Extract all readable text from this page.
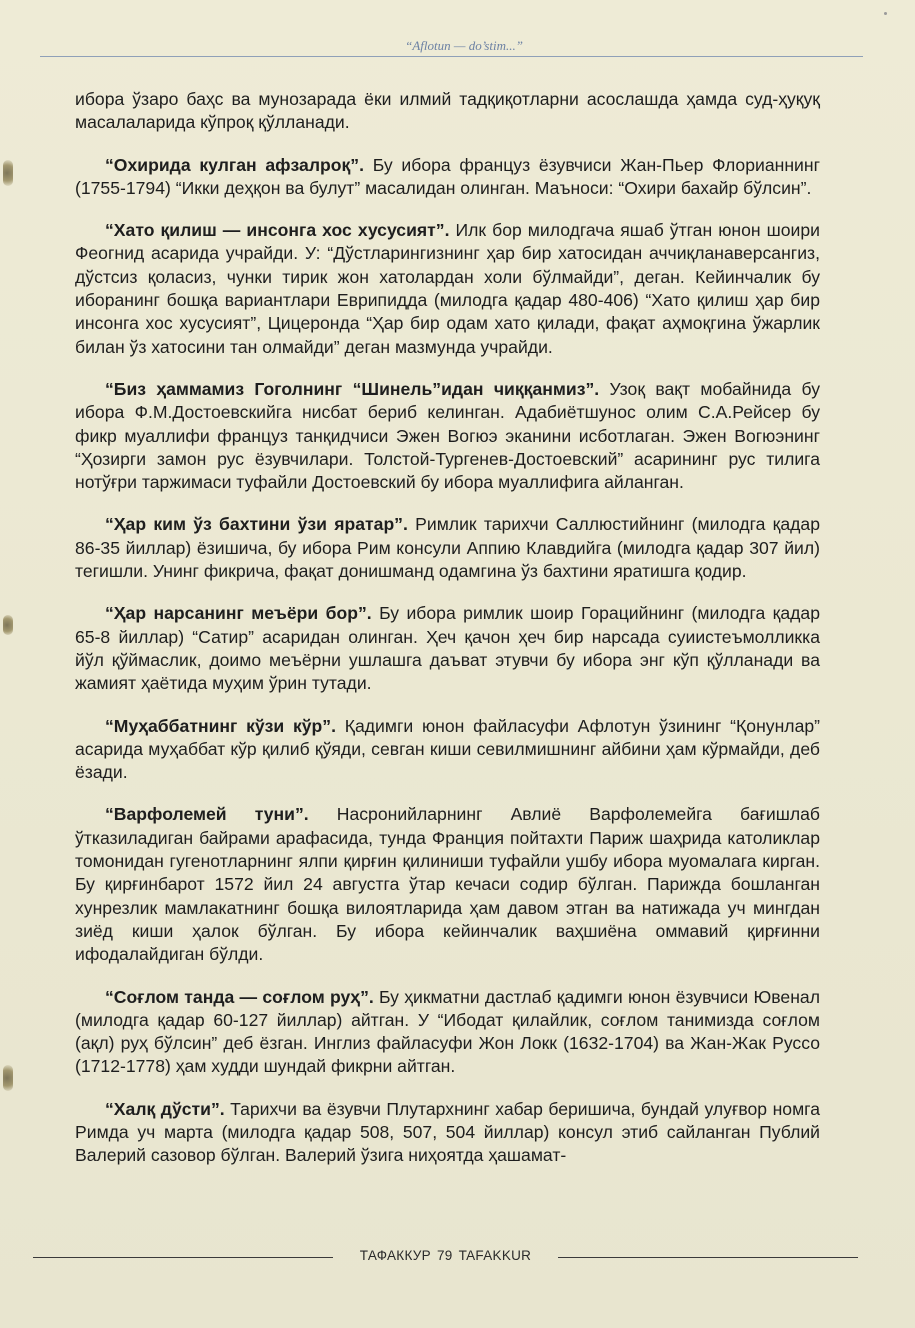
“Aflotun — do’stim...”

ибора ўзаро баҳс ва мунозарада ёки илмий тадқиқотларни асослашда ҳамда суд-ҳуқуқ масалаларида кўпроқ қўлланади.

“Охирида кулган афзалроқ”. Бу ибора француз ёзувчиси Жан-Пьер Флорианнинг (1755-1794) “Икки деҳқон ва булут” масалидан олинган. Маъноси: “Охири бахайр бўлсин”.

“Хато қилиш — инсонга хос хусусият”. Илк бор милодгача яшаб ўтган юнон шоири Феогнид асарида учрайди. У: “Дўстларингизнинг ҳар бир хатосидан аччиқланаверсангиз, дўстсиз қоласиз, чунки тирик жон хатолардан холи бўлмайди”, деган. Кейинчалик бу иборанинг бошқа вариантлари Еврипидда (милодга қадар 480-406) “Хато қилиш ҳар бир инсонга хос хусусият”, Цицеронда “Ҳар бир одам хато қилади, фақат аҳмоқгина ўжарлик билан ўз хатосини тан олмайди” деган мазмунда учрайди.

“Биз ҳаммамиз Гоголнинг “Шинель”идан чиққанмиз”. Узоқ вақт мобайнида бу ибора Ф.М.Достоевскийга нисбат бериб келинган. Адабиётшунос олим С.А.Рейсер бу фикр муаллифи француз танқидчиси Эжен Вогюэ эканини исботлаган. Эжен Вогюэнинг “Ҳозирги замон рус ёзувчилари. Толстой-Тургенев-Достоевский” асарининг рус тилига нотўғри таржимаси туфайли Достоевский бу ибора муаллифига айланган.

“Ҳар ким ўз бахтини ўзи яратар”. Римлик тарихчи Саллюстийнинг (милодга қадар 86-35 йиллар) ёзишича, бу ибора Рим консули Аппию Клавдийга (милодга қадар 307 йил) тегишли. Унинг фикрича, фақат донишманд одамгина ўз бахтини яратишга қодир.

“Ҳар нарсанинг меъёри бор”. Бу ибора римлик шоир Горацийнинг (милодга қадар 65-8 йиллар) “Сатир” асаридан олинган. Ҳеч қачон ҳеч бир нарсада суиистеъмолликка йўл қўймаслик, доимо меъёрни ушлашга даъват этувчи бу ибора энг кўп қўлланади ва жамият ҳаётида муҳим ўрин тутади.

“Муҳаббатнинг кўзи кўр”. Қадимги юнон файласуфи Афлотун ўзининг “Қонунлар” асарида муҳаббат кўр қилиб қўяди, севган киши севилмишнинг айбини ҳам кўрмайди, деб ёзади.

“Варфолемей туни”. Насронийларнинг Авлиё Варфолемейга бағишлаб ўтказиладиган байрами арафасида, тунда Франция пойтахти Париж шаҳрида католиклар томонидан гугенотларнинг ялпи қирғин қилиниши туфайли ушбу ибора муомалага кирган. Бу қирғинбарот 1572 йил 24 августга ўтар кечаси содир бўлган. Парижда бошланган хунрезлик мамлакатнинг бошқа вилоятларида ҳам давом этган ва натижада уч мингдан зиёд киши ҳалок бўлган. Бу ибора кейинчалик ваҳшиёна оммавий қирғинни ифодалайдиган бўлди.

“Соғлом танда — соғлом руҳ”. Бу ҳикматни дастлаб қадимги юнон ёзувчиси Ювенал (милодга қадар 60-127 йиллар) айтган. У “Ибодат қилайлик, соғлом танимизда соғлом (ақл) руҳ бўлсин” деб ёзган. Инглиз файласуфи Жон Локк (1632-1704) ва Жан-Жак Руссо (1712-1778) ҳам худди шундай фикрни айтган.

“Халқ дўсти”. Тарихчи ва ёзувчи Плутархнинг хабар беришича, бундай улуғвор номга Римда уч марта (милодга қадар 508, 507, 504 йиллар) консул этиб сайланган Публий Валерий сазовор бўлган. Валерий ўзига ниҳоятда ҳашамат-

ТАФАККУР 79 TAFAKKUR
